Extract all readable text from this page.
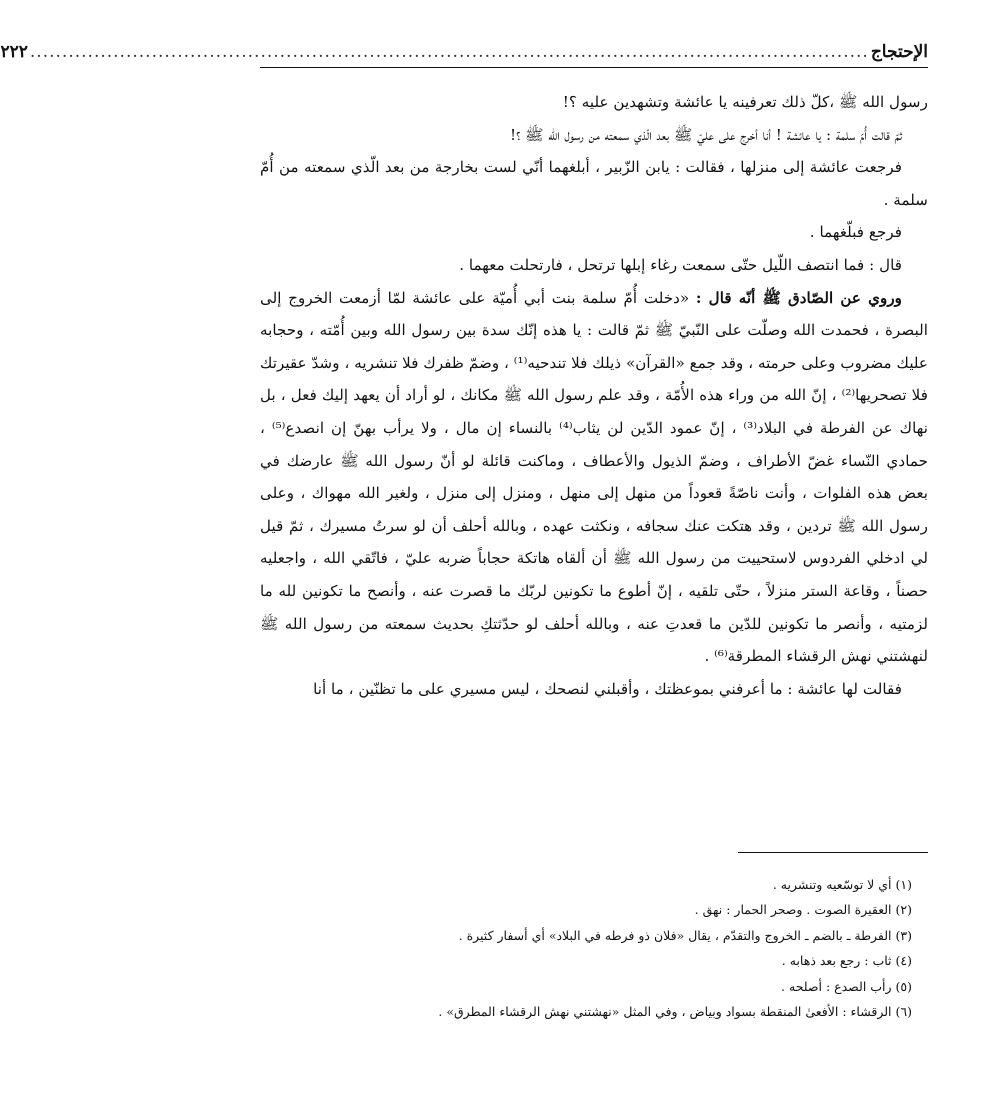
الإحتجاج
...................................................................................................................................
٢٢٢

رسول الله ﷺ ،كلّ ذلك تعرفينه يا عائشة وتشهدين عليه ؟!

ثمّ قالت أُمّ سلمة : يا عائشة ! أنا أخرج على عليّ ﷺ بعد الّذي سمعته من رسول الله ﷺ ؟!

فرجعت عائشة إلى منزلها ، فقالت : يابن الزّبير ، أبلغهما أنّي لست بخارجة من بعد الّذي سمعته من أُمّ سلمة .

فرجع فبلّغهما .

قال : فما انتصف اللّيل حتّى سمعت رغاء إبلها ترتحل ، فارتحلت معهما .

وروي عن الصّادق ﷺ أنّه قال : «دخلت أُمّ سلمة بنت أبي أُميّة على عائشة لمّا أزمعت الخروج إلى البصرة ، فحمدت الله وصلّت على النّبيّ ﷺ ثمّ قالت : يا هذه إنّك سدة بين رسول الله وبين أُمّته ، وحجابه عليك مضروب وعلى حرمته ، وقد جمع «القرآن» ذيلك فلا تندحيه⁽¹⁾ ، وضمّ ظفرك فلا تنشريه ، وشدّ عقيرتك فلا تصحريها⁽²⁾ ، إنّ الله من وراء هذه الأُمّة ، وقد علم رسول الله ﷺ مكانك ، لو أراد أن يعهد إليك فعل ، بل نهاك عن الفرطة في البلاد⁽³⁾ ، إنّ عمود الدّين لن يثاب⁽⁴⁾ بالنساء إن مال ، ولا يرأب بهنّ إن انصدع⁽⁵⁾ ، حمادي النّساء غضّ الأطراف ، وضمّ الذيول والأعطاف ، وماكنت قائلة لو أنّ رسول الله ﷺ عارضك في بعض هذه الفلوات ، وأنت ناصّةً قعوداً من منهل إلى منهل ، ومنزل إلى منزل ، ولغير الله مهواك ، وعلى رسول الله ﷺ تردين ، وقد هتكت عنك سجافه ، ونكثت عهده ، وبالله أحلف أن لو سرتُ مسيرك ، ثمّ قيل لي ادخلي الفردوس لاستحييت من رسول الله ﷺ أن ألقاه هاتكة حجاباً ضربه عليّ ، فاتّقي الله ، واجعليه حصناً ، وقاعة الستر منزلاً ، حتّى تلقيه ، إنّ أطوع ما تكونين لربّك ما قصرت عنه ، وأنصح ما تكونين لله ما لزمتيه ، وأنصر ما تكونين للدّين ما قعدتِ عنه ، وبالله أحلف لو حدّثتكِ بحديث سمعته من رسول الله ﷺ لنهشتني نهش الرقشاء المطرقة⁽⁶⁾ .

فقالت لها عائشة : ما أعرفني بموعظتك ، وأقبلني لنصحك ، ليس مسيري على ما تظنّين ، ما أنا

(١) أي لا توسّعيه وتنشريه .
(٢) العقيرة الصوت . وصحر الحمار : نهق .
(٣) الفرطة ـ بالضم ـ الخروج والتقدّم ، يقال «فلان ذو فرطه في البلاد» أي أسفار كثيرة .
(٤) ثاب : رجع بعد ذهابه .
(٥) رأب الصدع : أصلحه .
(٦) الرقشاء : الأفعىٰ المنقطة بسواد وبياض ، وفي المثل «نهشتني نهش الرقشاء المطرق» .
